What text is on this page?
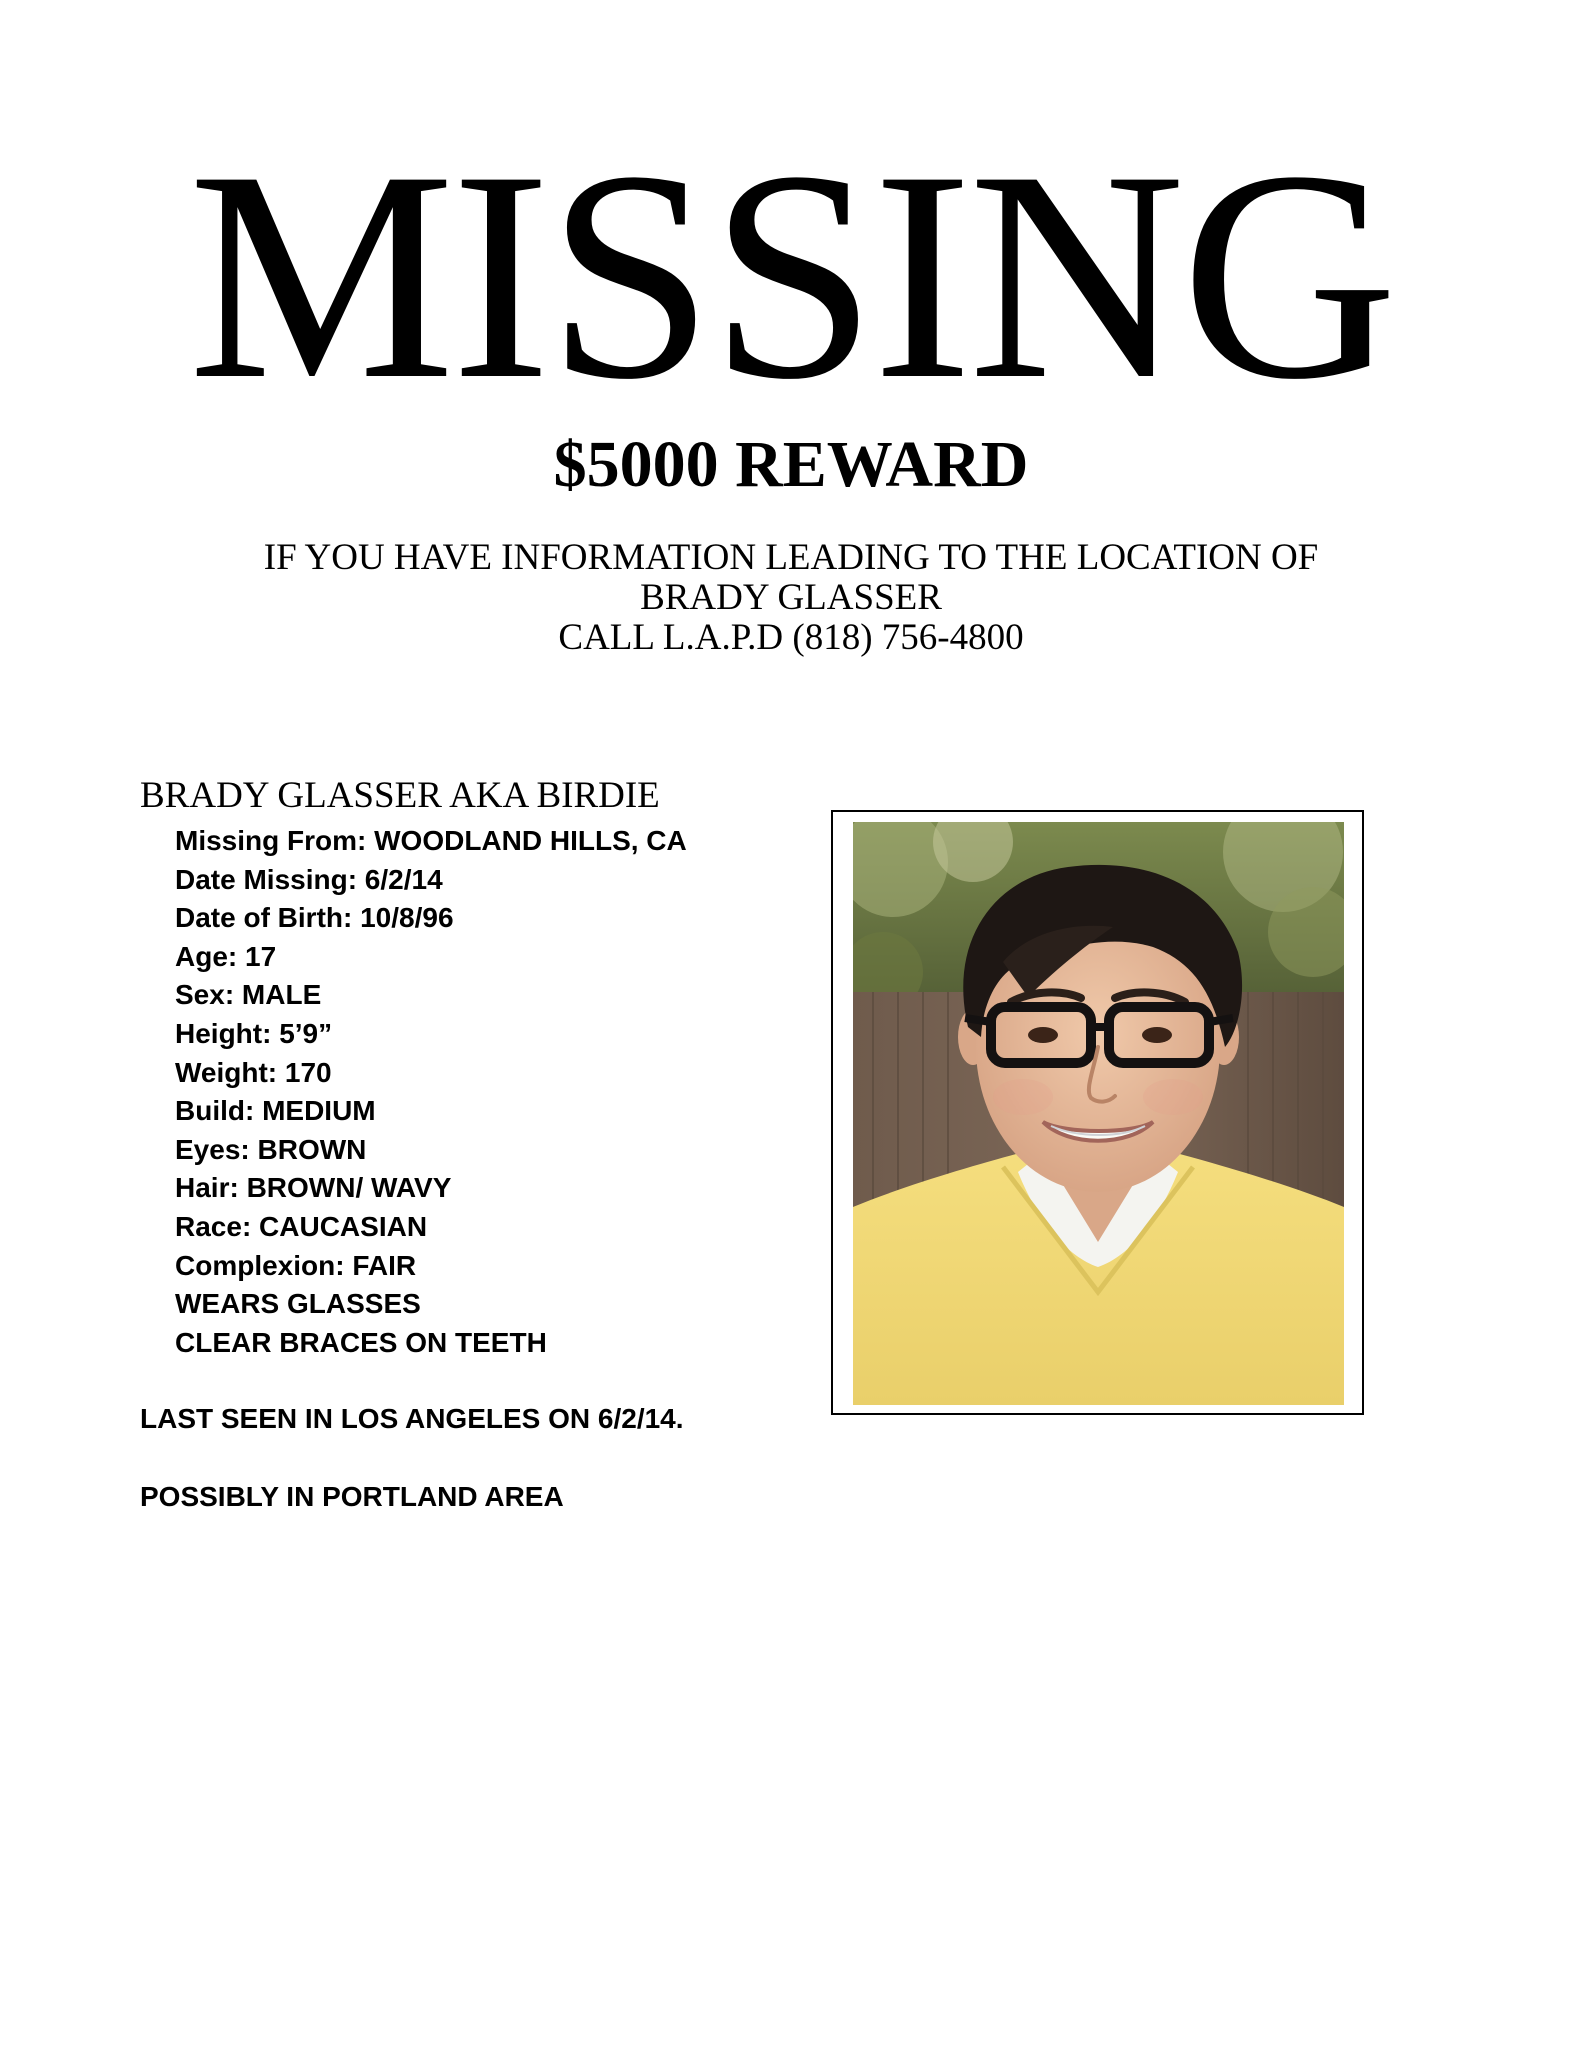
MISSING
$5000 REWARD
IF YOU HAVE INFORMATION LEADING TO THE LOCATION OF
BRADY GLASSER
CALL L.A.P.D (818) 756-4800
BRADY GLASSER AKA BIRDIE
Missing From: WOODLAND HILLS, CA
Date Missing: 6/2/14
Date of Birth: 10/8/96
Age: 17
Sex: MALE
Height: 5’9”
Weight: 170
Build: MEDIUM
Eyes: BROWN
Hair: BROWN/ WAVY
Race: CAUCASIAN
Complexion: FAIR
WEARS GLASSES
CLEAR BRACES ON TEETH
LAST SEEN IN LOS ANGELES ON 6/2/14.
POSSIBLY IN PORTLAND AREA
